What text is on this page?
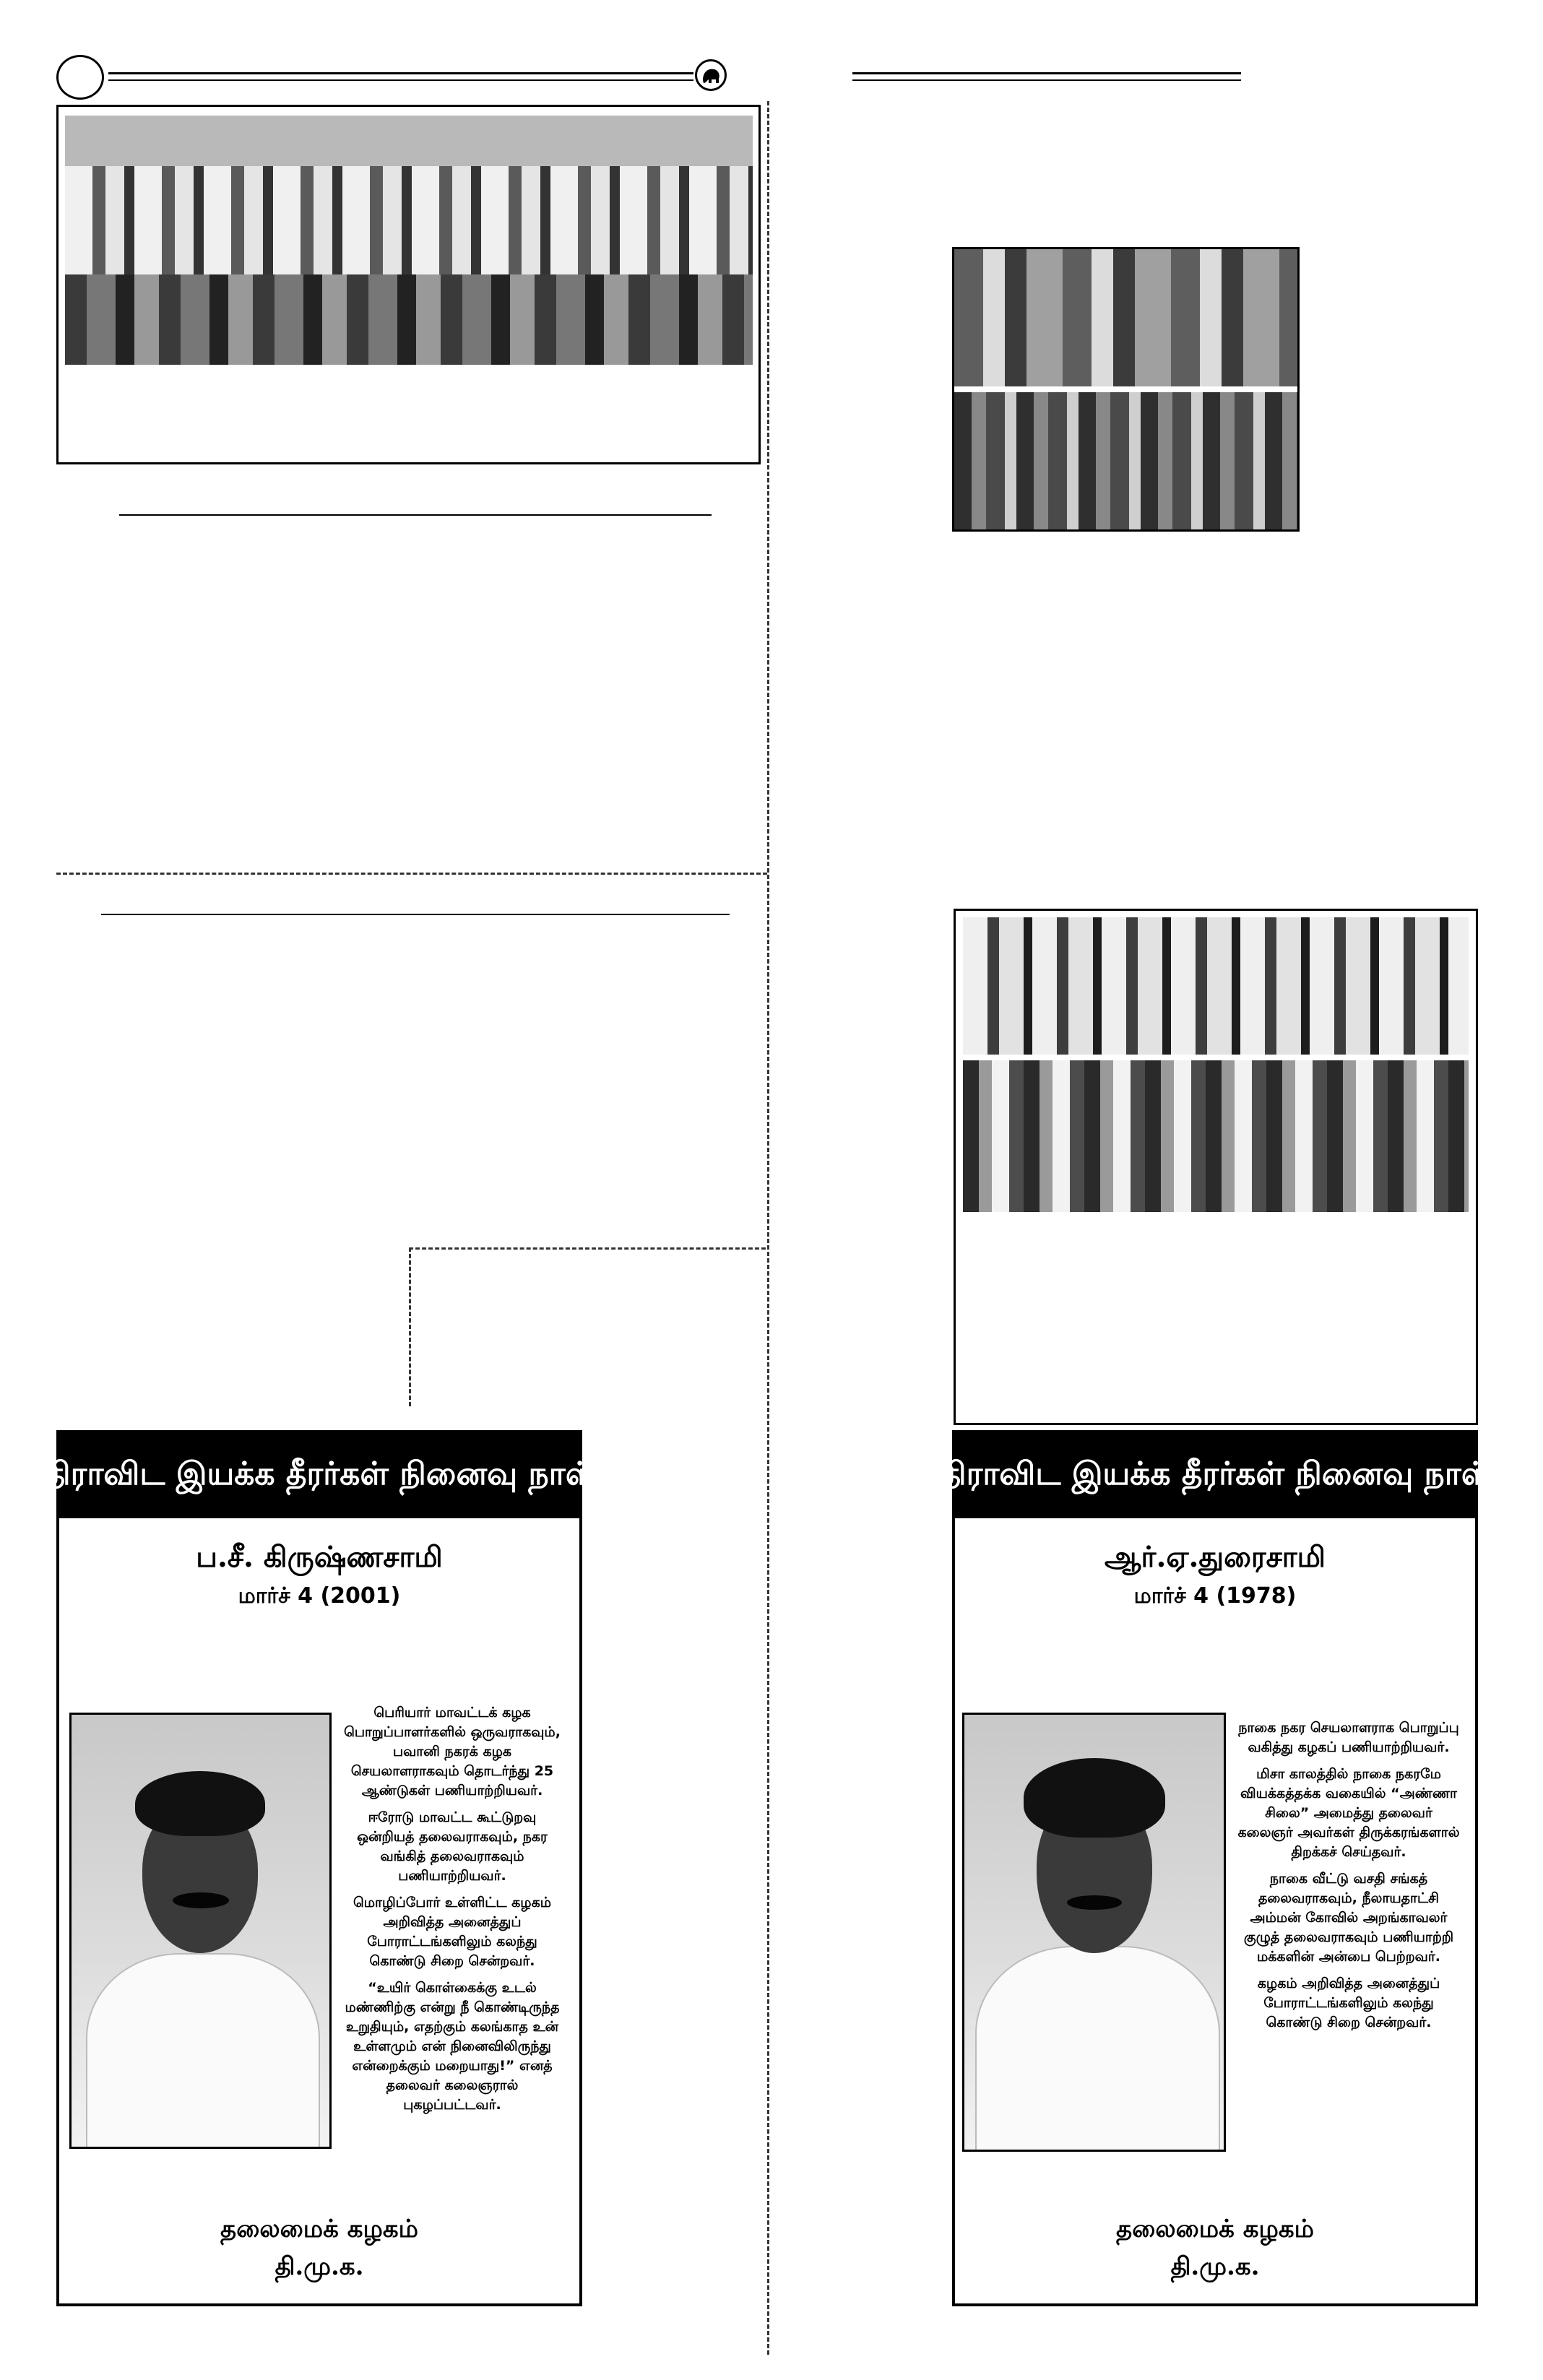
திராவிட இயக்க தீரர்கள் நினைவு நாள்
ப.சீ. கிருஷ்ணசாமி
மார்ச் 4 (2001)

பெரியார் மாவட்டக் கழக பொறுப்பாளர்களில் ஒருவராகவும், பவானி நகரக் கழக செயலாளராகவும் தொடர்ந்து 25 ஆண்டுகள் பணியாற்றியவர்.

ஈரோடு மாவட்ட கூட்டுறவு ஒன்றியத் தலைவராகவும், நகர வங்கித் தலைவராகவும் பணியாற்றியவர்.

மொழிப்போர் உள்ளிட்ட கழகம் அறிவித்த அனைத்துப் போராட்டங்களிலும் கலந்து கொண்டு சிறை சென்றவர்.

“உயிர் கொள்கைக்கு உடல் மண்ணிற்கு என்று நீ கொண்டிருந்த உறுதியும், எதற்கும் கலங்காத உன் உள்ளமும் என் நினைவிலிருந்து என்றைக்கும் மறையாது!” எனத் தலைவர் கலைஞரால் புகழப்பட்டவர்.

தலைமைக் கழகம்
தி.மு.க.
திராவிட இயக்க தீரர்கள் நினைவு நாள்
ஆர்.ஏ.துரைசாமி
மார்ச் 4 (1978)

நாகை நகர செயலாளராக பொறுப்பு வகித்து கழகப் பணியாற்றியவர்.

மிசா காலத்தில் நாகை நகரமே வியக்கத்தக்க வகையில் “அண்ணா சிலை” அமைத்து தலைவர் கலைஞர் அவர்கள் திருக்கரங்களால் திறக்கச் செய்தவர்.

நாகை வீட்டு வசதி சங்கத் தலைவராகவும், நீலாயதாட்சி அம்மன் கோவில் அறங்காவலர் குழுத் தலைவராகவும் பணியாற்றி மக்களின் அன்பை பெற்றவர்.

கழகம் அறிவித்த அனைத்துப் போராட்டங்களிலும் கலந்து கொண்டு சிறை சென்றவர்.

தலைமைக் கழகம்
தி.மு.க.
